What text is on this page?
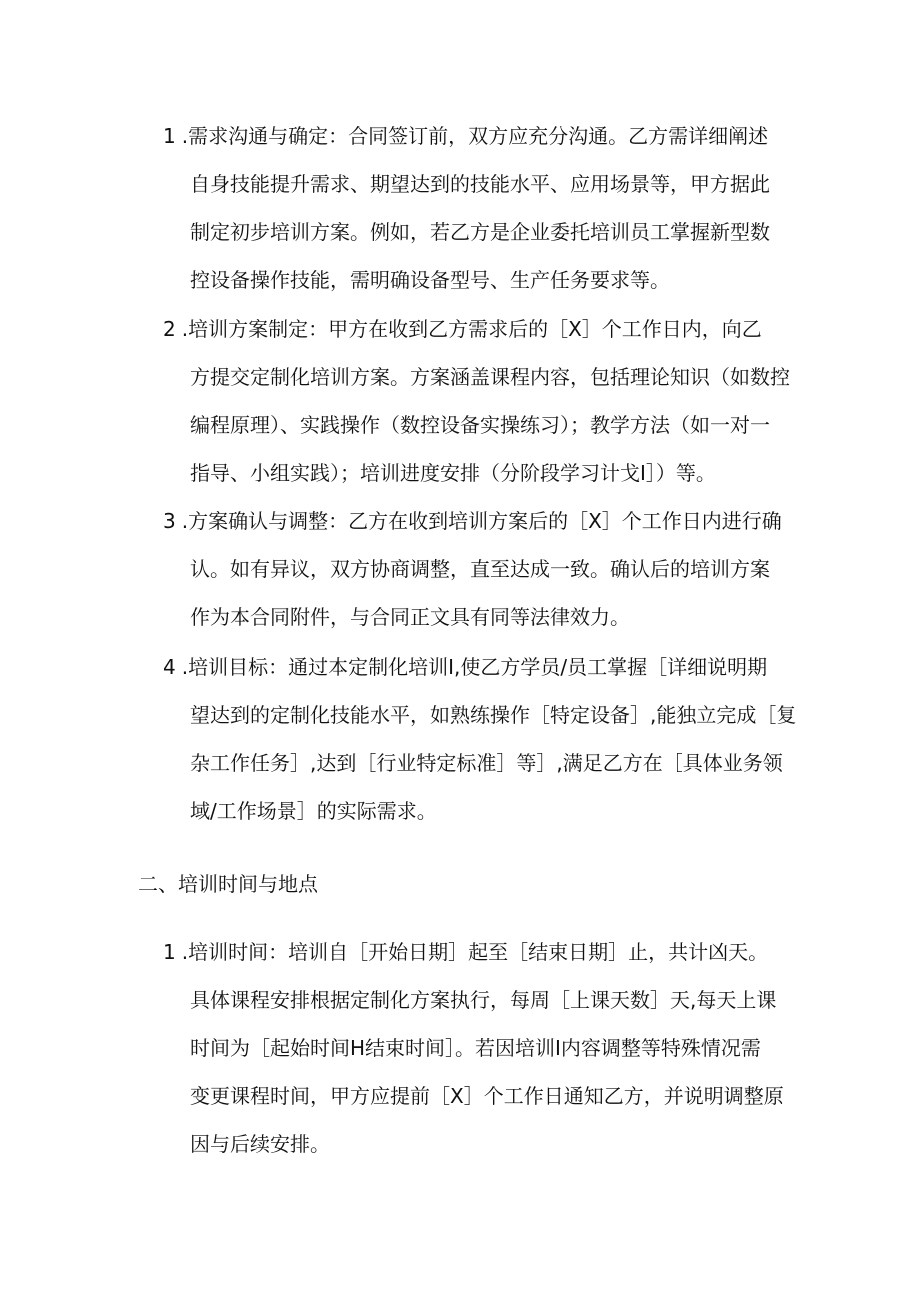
1 .需求沟通与确定：合同签订前，双方应充分沟通。乙方需详细阐述
自身技能提升需求、期望达到的技能水平、应用场景等，甲方据此
制定初步培训方案。例如，若乙方是企业委托培训员工掌握新型数
控设备操作技能，需明确设备型号、生产任务要求等。
2 .培训方案制定：甲方在收到乙方需求后的［X］个工作日内，向乙
方提交定制化培训方案。方案涵盖课程内容，包括理论知识（如数控
编程原理）、实践操作（数控设备实操练习）；教学方法（如一对一
指导、小组实践）；培训进度安排（分阶段学习计戈I］）等。
3 .方案确认与调整：乙方在收到培训方案后的［X］个工作日内进行确
认。如有异议，双方协商调整，直至达成一致。确认后的培训方案
作为本合同附件，与合同正文具有同等法律效力。
4 .培训目标：通过本定制化培训I,使乙方学员/员工掌握［详细说明期
望达到的定制化技能水平，如熟练操作［特定设备］,能独立完成［复
杂工作任务］,达到［行业特定标准］等］,满足乙方在［具体业务领
域/工作场景］的实际需求。
二、培训时间与地点
1 .培训时间：培训自［开始日期］起至［结束日期］止，共计凶天。
具体课程安排根据定制化方案执行，每周［上课天数］天,每天上课
时间为［起始时间H结束时间］。若因培训I内容调整等特殊情况需
变更课程时间，甲方应提前［X］个工作日通知乙方，并说明调整原
因与后续安排。
